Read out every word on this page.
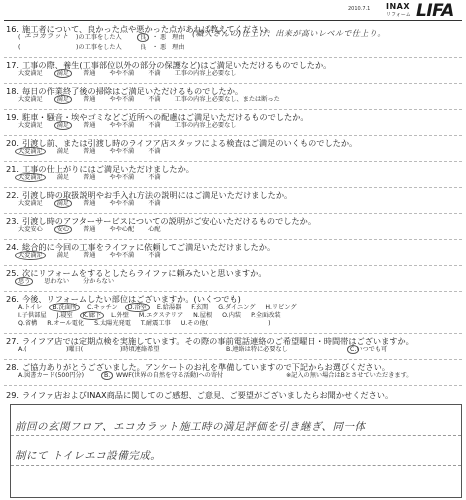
2010.7.1 INAX
リフォーム LIFA
16. 施工者について、良かった点や悪かった点があれば教えてください。
( エコカラット )の工事をした人	良 ・ 悪 理由 (職人さんの)仕上げ、出来が高いレベルで仕上り。
(	)の工事をした人	良 ・ 悪 理由
17. 工事の際、養生(工事部位以外の部分の保護など)はご満足いただけるものでしたか。
大変満足 満足 普通 やや不満 不満 工事の内容上必要なし
18. 毎日の作業終了後の掃除はご満足いただけるものでしたか。
大変満足 満足 普通 やや不満 不満 工事の内容上必要なし、または断った
19. 駐車・騒音・埃やゴミなどご近所への配慮はご満足いただけるものでしたか。
大変満足 満足 普通 やや不満 不満 工事の内容上必要なし
20. 引渡し前、または引渡し時のライフア店スタッフによる検査はご満足のいくものでしたか。
大変満足 満足 普通 やや不満 不満
21. 工事の仕上がりにはご満足いただけましたか。
大変満足 満足 普通 やや不満 不満
22. 引渡し時の取扱説明やお手入れ方法の説明にはご満足いただけましたか。
大変満足 満足 普通 やや不満 不満
23. 引渡し時のアフターサービスについての説明がご安心いただけるものでしたか。
大変安心 安心 普通 やや心配 心配
24. 総合的に今回の工事をライファに依頼してご満足いただけましたか。
大変満足 満足 普通 やや不満 不満
25. 次にリフォームをするとしたらライファに頼みたいと思いますか。
思う 思わない 分からない
26. 今後、リフォームしたい部位はございますか。(いくつでも)
A.トイレ B.洗面所 C.キッチン D.浴室 E.給湯器 F.玄関 G.ダイニング H.リビング
I.子供部屋 J.寝室 K.廊下 L.外壁 M.エクステリア N.屋根 O.内装 P.全面改装
Q.省構 R.オール電化 S.太陽光発電 T.耐震工事 U.その他(	)
27. ライフア店では定期点検を実施しています。その際の事前電話連絡のご希望曜日・時間帯はございますか。
A.(	)曜日(	)時頃連絡希望	B.連絡は特に必要なし	C.いつでも可
28. ご協力ありがとうございました。アンケートのお礼を準備していますので下記からお選びください。
A.図書カード(500円分)	B. WWF(世界の自然を守る活動)への寄付	※記入の無い場合はBとさせていただきます。
29. ライファ店およびINAX商品に関してのご感想、ご意見、ご要望がございましたらお聞かせください。
前回の玄関フロア、エコカラット施工時の満足評価を引き継ぎ、同一体
制にて トイレエコ設備完成。
